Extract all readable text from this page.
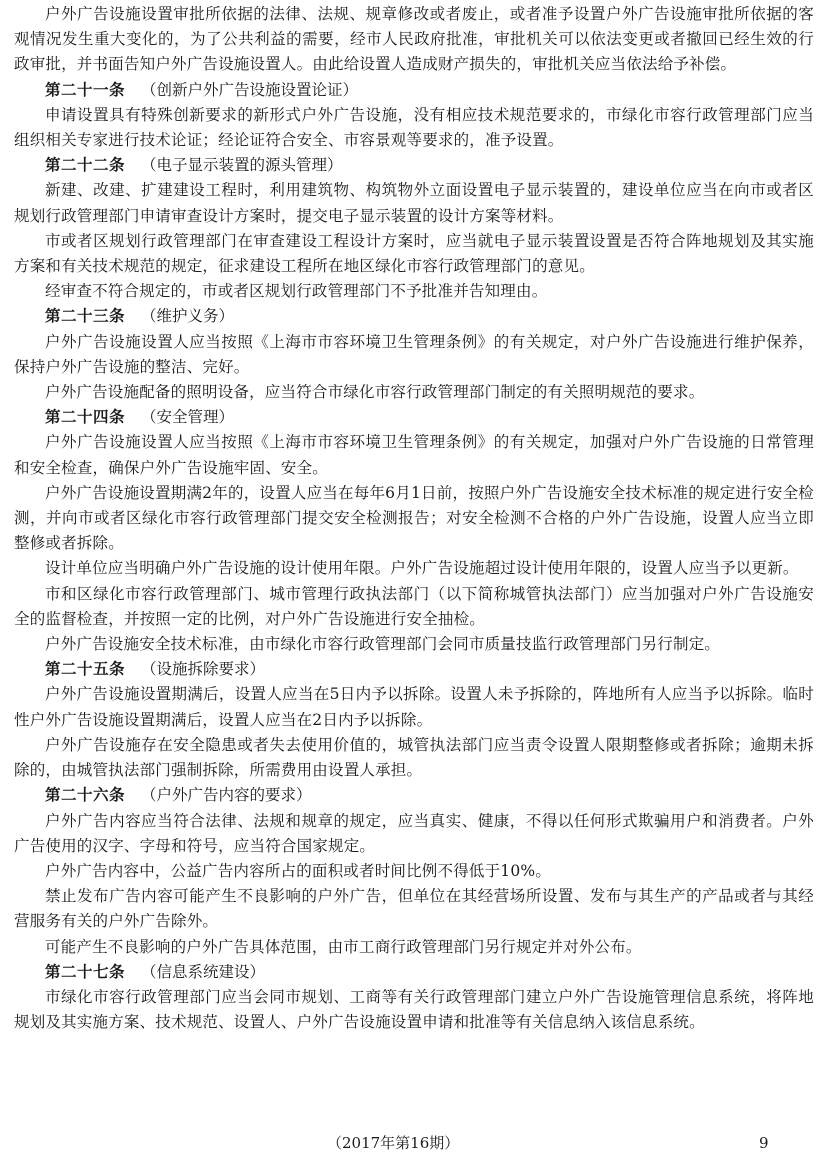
户外广告设施设置审批所依据的法律、法规、规章修改或者废止，或者准予设置户外广告设施审批所依据的客观情况发生重大变化的，为了公共利益的需要，经市人民政府批准，审批机关可以依法变更或者撤回已经生效的行政审批，并书面告知户外广告设施设置人。由此给设置人造成财产损失的，审批机关应当依法给予补偿。

第二十一条 （创新户外广告设施设置论证）

申请设置具有特殊创新要求的新形式户外广告设施，没有相应技术规范要求的，市绿化市容行政管理部门应当组织相关专家进行技术论证；经论证符合安全、市容景观等要求的，准予设置。

第二十二条 （电子显示装置的源头管理）

新建、改建、扩建建设工程时，利用建筑物、构筑物外立面设置电子显示装置的，建设单位应当在向市或者区规划行政管理部门申请审查设计方案时，提交电子显示装置的设计方案等材料。

市或者区规划行政管理部门在审查建设工程设计方案时，应当就电子显示装置设置是否符合阵地规划及其实施方案和有关技术规范的规定，征求建设工程所在地区绿化市容行政管理部门的意见。

经审查不符合规定的，市或者区规划行政管理部门不予批准并告知理由。

第二十三条 （维护义务）

户外广告设施设置人应当按照《上海市市容环境卫生管理条例》的有关规定，对户外广告设施进行维护保养，保持户外广告设施的整洁、完好。

户外广告设施配备的照明设备，应当符合市绿化市容行政管理部门制定的有关照明规范的要求。

第二十四条 （安全管理）

户外广告设施设置人应当按照《上海市市容环境卫生管理条例》的有关规定，加强对户外广告设施的日常管理和安全检查，确保户外广告设施牢固、安全。

户外广告设施设置期满2年的，设置人应当在每年6月1日前，按照户外广告设施安全技术标准的规定进行安全检测，并向市或者区绿化市容行政管理部门提交安全检测报告；对安全检测不合格的户外广告设施，设置人应当立即整修或者拆除。

设计单位应当明确户外广告设施的设计使用年限。户外广告设施超过设计使用年限的，设置人应当予以更新。

市和区绿化市容行政管理部门、城市管理行政执法部门（以下简称城管执法部门）应当加强对户外广告设施安全的监督检查，并按照一定的比例，对户外广告设施进行安全抽检。

户外广告设施安全技术标准，由市绿化市容行政管理部门会同市质量技监行政管理部门另行制定。

第二十五条 （设施拆除要求）

户外广告设施设置期满后，设置人应当在5日内予以拆除。设置人未予拆除的，阵地所有人应当予以拆除。临时性户外广告设施设置期满后，设置人应当在2日内予以拆除。

户外广告设施存在安全隐患或者失去使用价值的，城管执法部门应当责令设置人限期整修或者拆除；逾期未拆除的，由城管执法部门强制拆除，所需费用由设置人承担。

第二十六条 （户外广告内容的要求）

户外广告内容应当符合法律、法规和规章的规定，应当真实、健康，不得以任何形式欺骗用户和消费者。户外广告使用的汉字、字母和符号，应当符合国家规定。

户外广告内容中，公益广告内容所占的面积或者时间比例不得低于10%。

禁止发布广告内容可能产生不良影响的户外广告，但单位在其经营场所设置、发布与其生产的产品或者与其经营服务有关的户外广告除外。

可能产生不良影响的户外广告具体范围，由市工商行政管理部门另行规定并对外公布。

第二十七条 （信息系统建设）

市绿化市容行政管理部门应当会同市规划、工商等有关行政管理部门建立户外广告设施管理信息系统，将阵地规划及其实施方案、技术规范、设置人、户外广告设施设置申请和批准等有关信息纳入该信息系统。

（2017年第16期）	9
